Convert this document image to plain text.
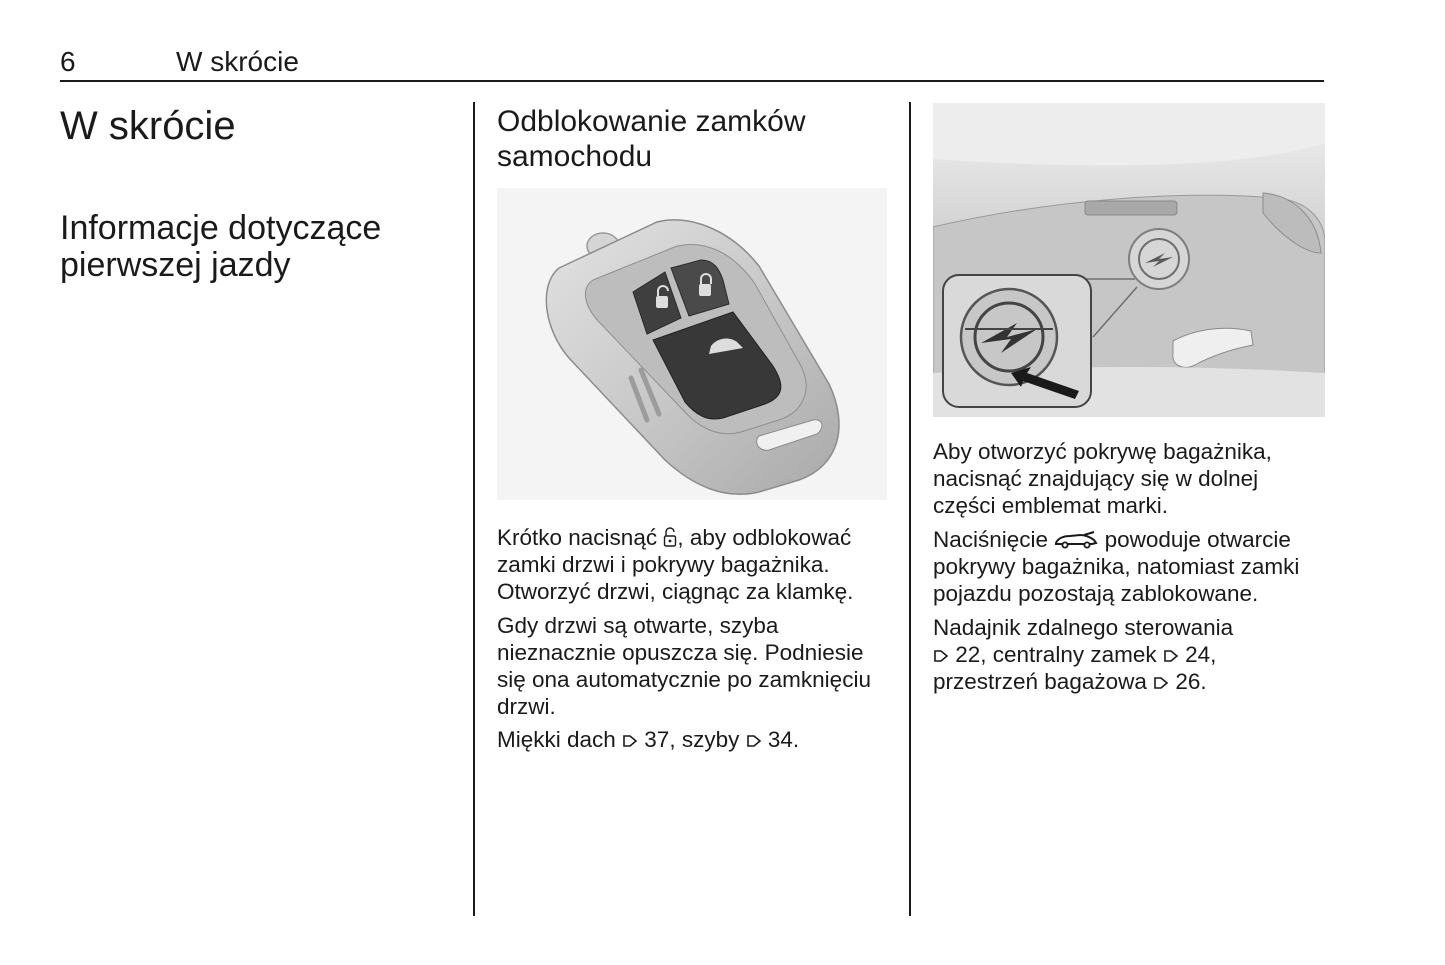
6	W skrócie
W skrócie
Informacje dotyczące
pierwszej jazdy
Odblokowanie zamków
samochodu

Krótko nacisnąć , aby odblokować
zamki drzwi i pokrywy bagażnika.
Otworzyć drzwi, ciągnąc za klamkę.

Gdy drzwi są otwarte, szyba
nieznacznie opuszcza się. Podniesie
się ona automatycznie po zamknięciu
drzwi.

Miękki dach  37, szyby  34.

Aby otworzyć pokrywę bagażnika,
nacisnąć znajdujący się w dolnej
części emblemat marki.

Naciśnięcie  powoduje otwarcie
pokrywy bagażnika, natomiast zamki
pojazdu pozostają zablokowane.

Nadajnik zdalnego sterowania
22, centralny zamek  24,
przestrzeń bagażowa  26.
